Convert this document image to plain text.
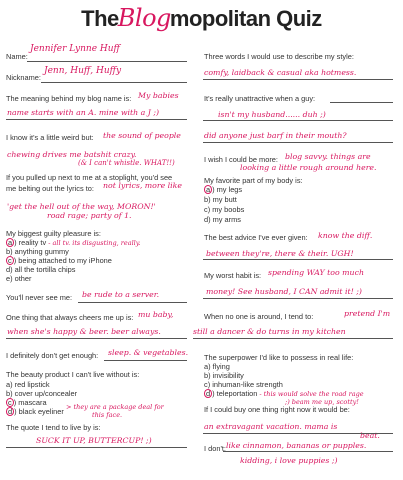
TheBlogmopolitan Quiz
Name:
Jennifer Lynne Huff
Nickname:
Jenn, Huff, Huffy
The meaning behind my blog name is: My babies
name starts with an A. mine with a J ;)
I know it's a little weird but: the sound of people
chewing drives me batshit crazy.
(& I can't whistle. WHAT!!)
If you pulled up next to me at a stoplight, you'd see
me belting out the lyrics to: not lyrics, more like
'get the hell out of the way, MORON!'
road rage; party of 1.
My biggest guilty pleasure is:
a ) reality tv - all tv. its disgusting, really.
b) anything gummy
c ) being attached to my iPhone
d) all the tortilla chips
e) other
You'll never see me: be rude to a server.
One thing that always cheers me up is: mu baby,
when she's happy & beer. beer always.
I definitely don't get enough: sleep. & vegetables.
The beauty product I can't live without is:
a) red lipstick
b) cover up/concealer
c ) mascara
d ) black eyeliner > they are a package deal for
this face.
The quote I tend to live by is:
SUCK IT UP, BUTTERCUP! ;)
Three words I would use to describe my style:
comfy, laidback & casual aka hotmess.
It's really unattractive when a guy:
isn't my husband...... duh ;)
did anyone just barf in their mouth?
I wish I could be more: blog savvy. things are
looking a little rough around here.
My favorite part of my body is:
a ) my legs
b) my butt
c) my boobs
d) my arms
The best advice I've ever given: know the diff.
between they're, there & their. UGH!
My worst habit is: spending WAY too much
money! See husband, I CAN admit it! ;)
When no one is around, I tend to:	pretend I'm
still a dancer & do turns in my kitchen
The superpower I'd like to possess in real life:
a) flying
b) invisibility
c) inhuman-like strength
d ) teleportation - this would solve the road rage
;) beam me up, scotty!
If I could buy one thing right now it would be:
an extravagant vacation. mama is
beat.
I don't: like cinnamon, bananas or pupples.
kidding, i love puppies ;)
